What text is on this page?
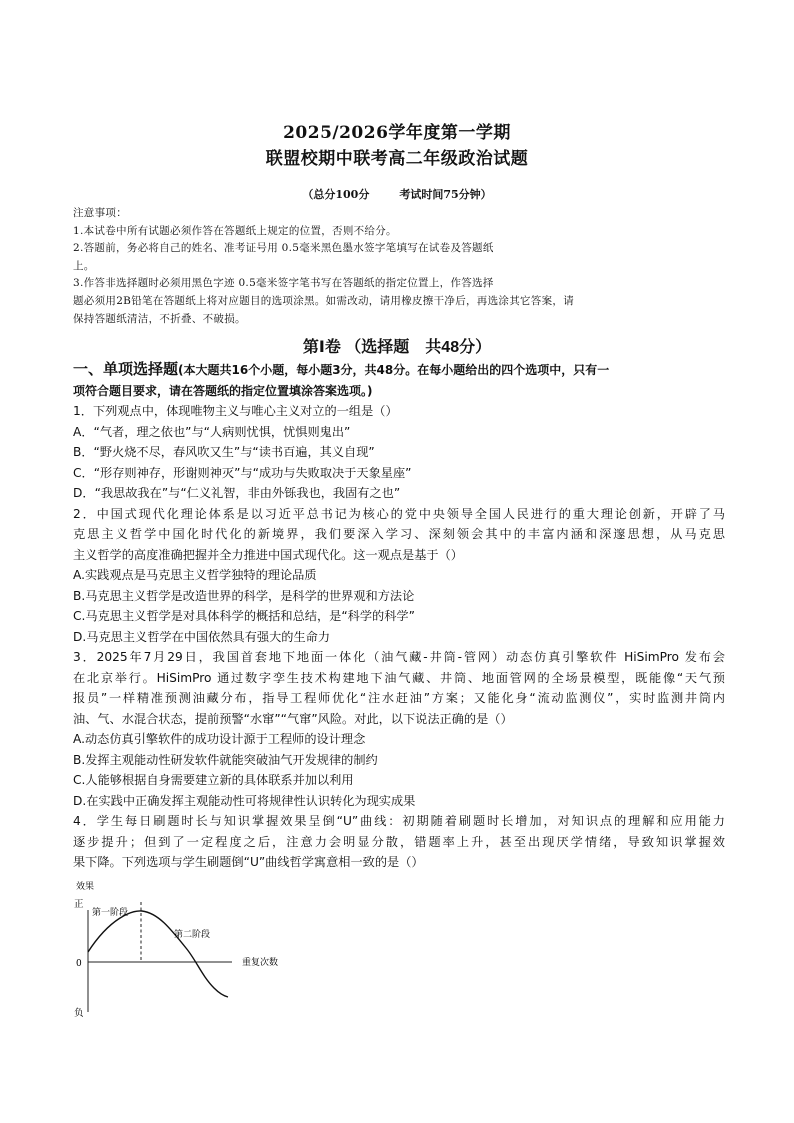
2025/2026学年度第一学期
联盟校期中联考高二年级政治试题
（总分100分	考试时间75分钟）
注意事项：
1.本试卷中所有试题必须作答在答题纸上规定的位置，否则不给分。
2.答题前，务必将自己的姓名、准考证号用 0.5毫米黑色墨水签字笔填写在试卷及答题纸
上。
3.作答非选择题时必须用黑色字迹 0.5毫米签字笔书写在答题纸的指定位置上，作答选择
题必须用2B铅笔在答题纸上将对应题目的选项涂黑。如需改动，请用橡皮擦干净后，再选涂其它答案，请
保持答题纸清洁，不折叠、不破损。
第Ⅰ卷 （选择题　共48分）
一、单项选择题(本大题共16个小题，每小题3分，共48分。在每小题给出的四个选项中，只有一
项符合题目要求，请在答题纸的指定位置填涂答案选项。)
1．下列观点中，体现唯物主义与唯心主义对立的一组是（）
A．“气者，理之依也”与“人病则忧惧，忧惧则鬼出”
B．“野火烧不尽，春风吹又生”与“读书百遍，其义自现”
C．“形存则神存，形谢则神灭”与“成功与失败取决于天象星座”
D．“我思故我在”与“仁义礼智，非由外铄我也，我固有之也”
2．中国式现代化理论体系是以习近平总书记为核心的党中央领导全国人民进行的重大理论创新，开辟了马
克思主义哲学中国化时代化的新境界，我们要深入学习、深刻领会其中的丰富内涵和深邃思想，从马克思
主义哲学的高度准确把握并全力推进中国式现代化。这一观点是基于（）
A.实践观点是马克思主义哲学独特的理论品质
B.马克思主义哲学是改造世界的科学，是科学的世界观和方法论
C.马克思主义哲学是对具体科学的概括和总结，是“科学的科学”
D.马克思主义哲学在中国依然具有强大的生命力
3．2025年7月29日，我国首套地下地面一体化（油气藏-井筒-管网）动态仿真引擎软件 HiSimPro 发布会
在北京举行。HiSimPro 通过数字孪生技术构建地下油气藏、井筒、地面管网的全场景模型，既能像“天气预
报员”一样精准预测油藏分布，指导工程师优化“注水赶油”方案；又能化身“流动监测仪”，实时监测井筒内
油、气、水混合状态，提前预警“水窜”“气窜”风险。对此，以下说法正确的是（）
A.动态仿真引擎软件的成功设计源于工程师的设计理念
B.发挥主观能动性研发软件就能突破油气开发规律的制约
C.人能够根据自身需要建立新的具体联系并加以利用
D.在实践中正确发挥主观能动性可将规律性认识转化为现实成果
4．学生每日刷题时长与知识掌握效果呈倒“U”曲线：初期随着刷题时长增加，对知识点的理解和应用能力
逐步提升；但到了一定程度之后，注意力会明显分散，错题率上升，甚至出现厌学情绪，导致知识掌握效
果下降。下列选项与学生刷题倒“U”曲线哲学寓意相一致的是（）
效果
正
0
负
第一阶段
第二阶段
重复次数
